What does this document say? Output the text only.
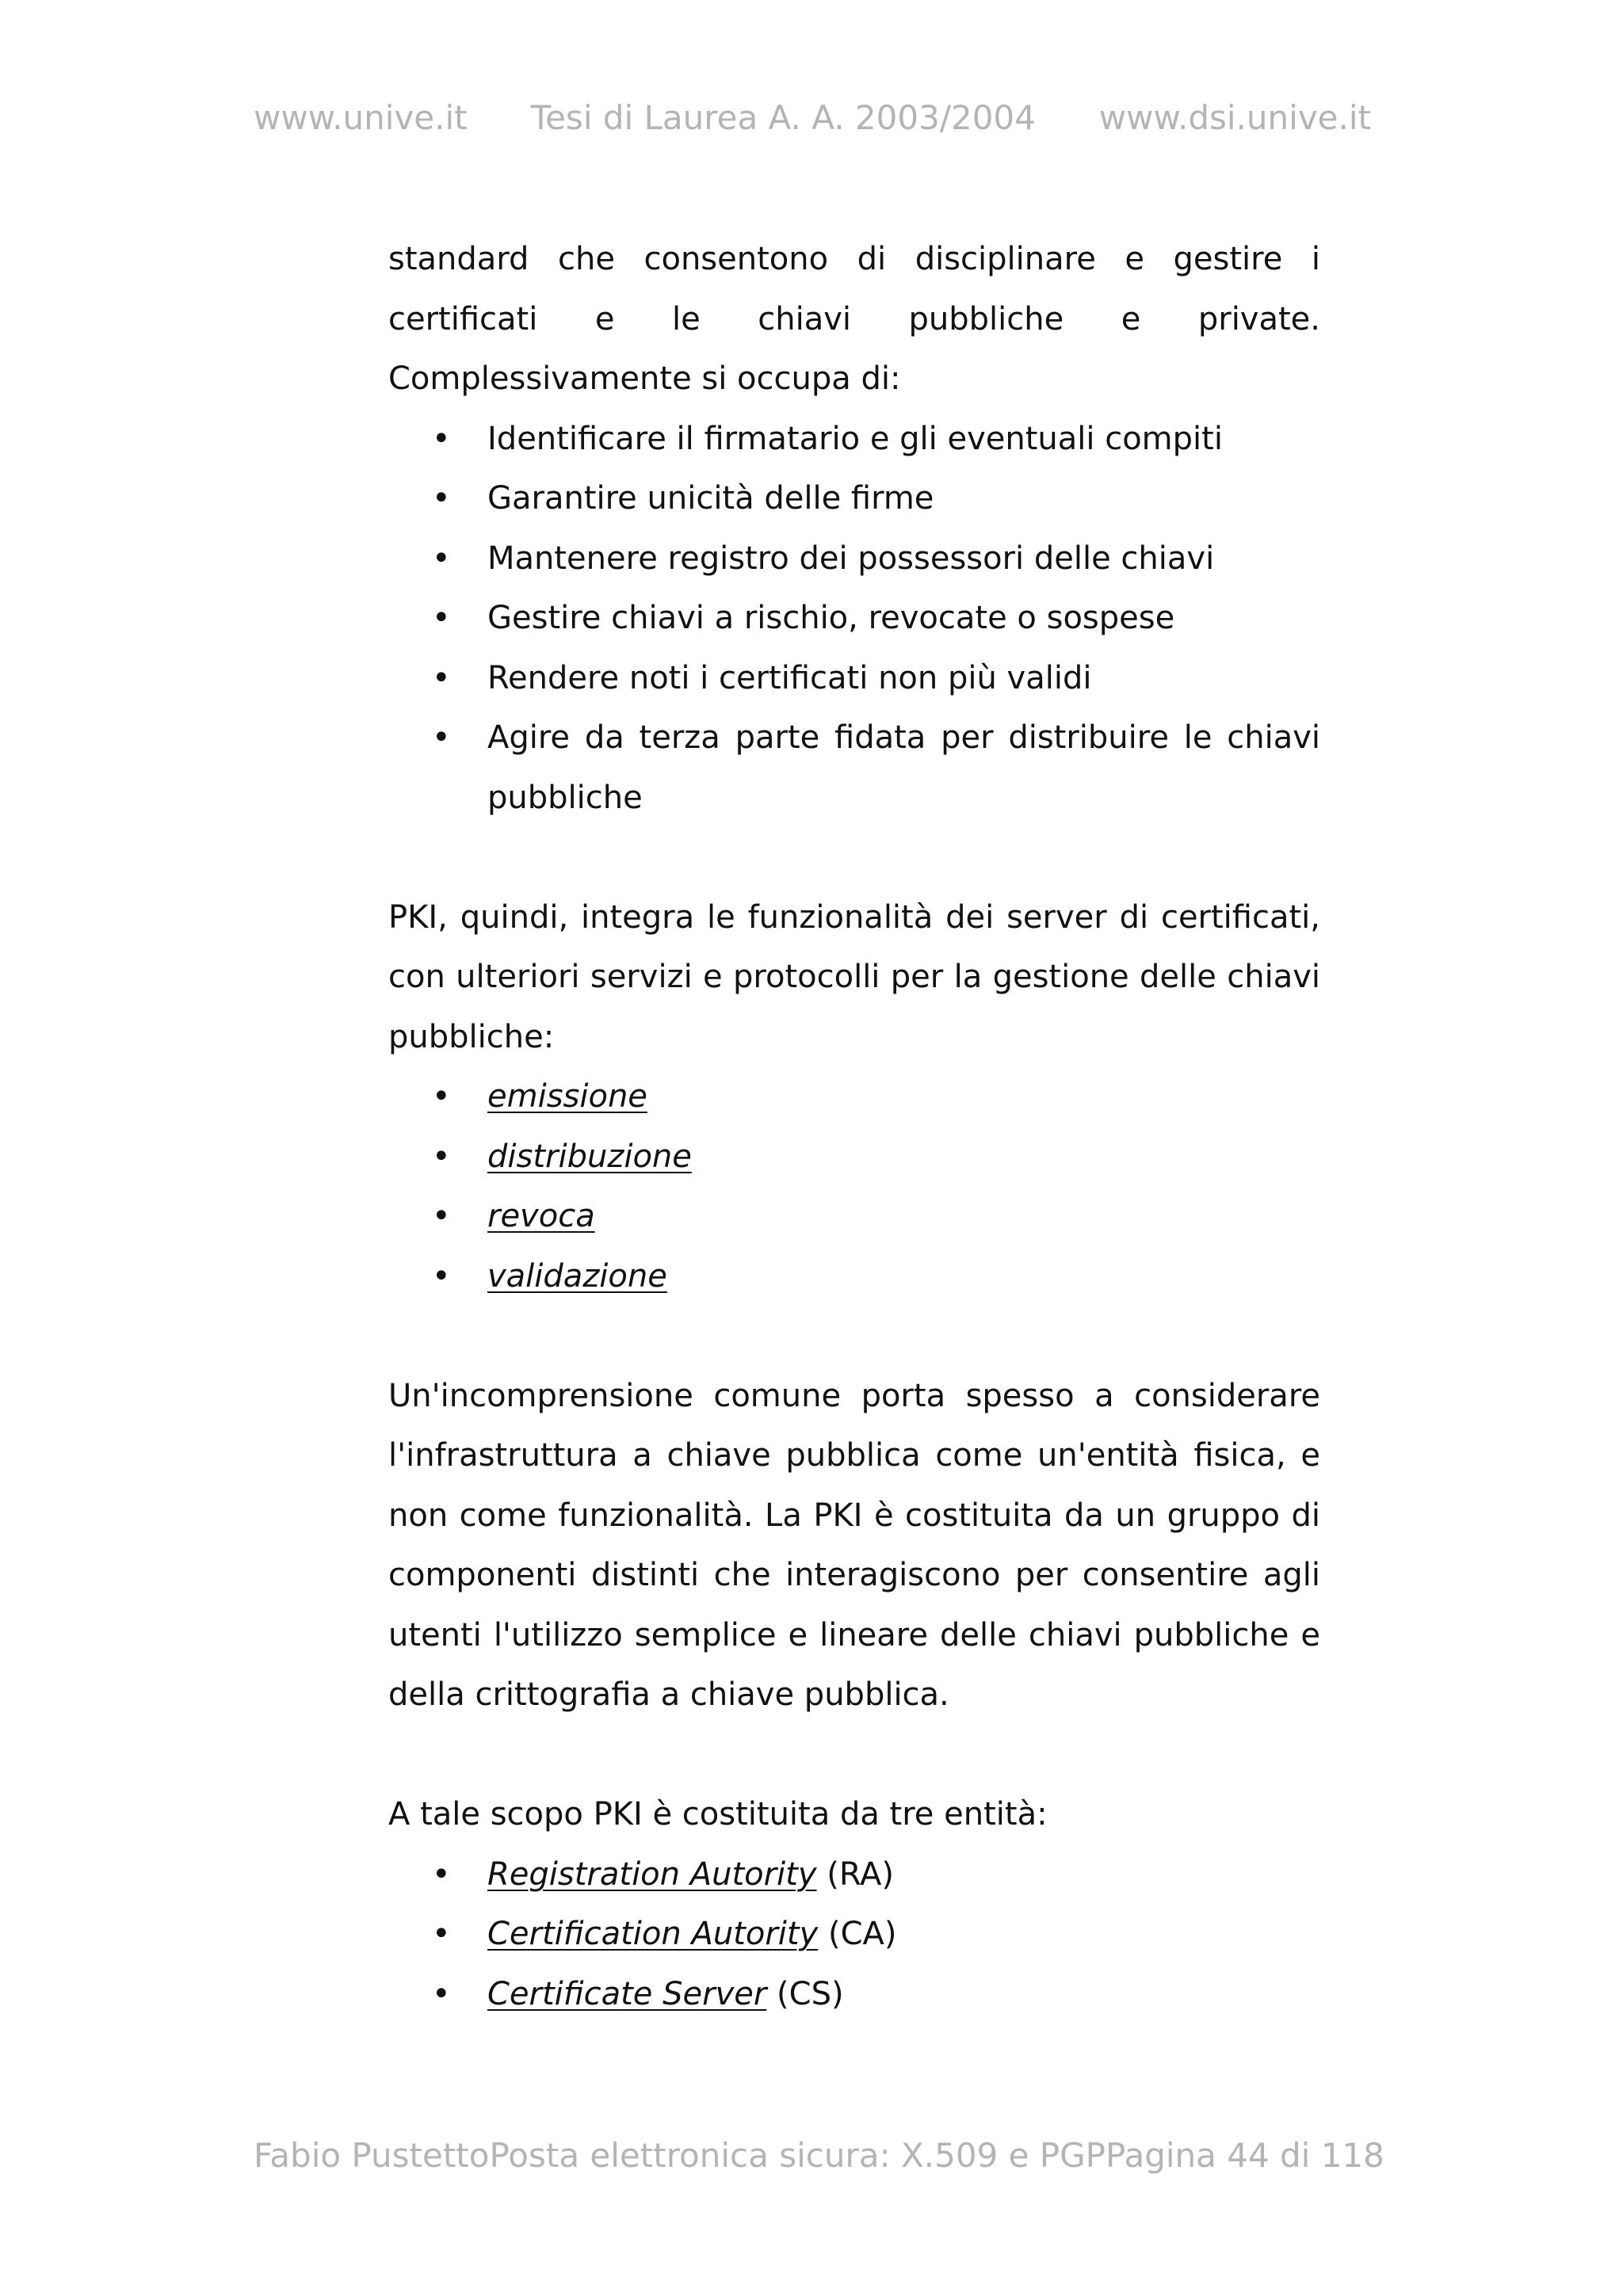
www.unive.it Tesi di Laurea A. A. 2003/2004 www.dsi.unive.it

standard che consentono di disciplinare e gestire i certificati e le chiavi pubbliche e private. Complessivamente si occupa di:

• Identificare il firmatario e gli eventuali compiti
• Garantire unicità delle firme
• Mantenere registro dei possessori delle chiavi
• Gestire chiavi a rischio, revocate o sospese
• Rendere noti i certificati non più validi
• Agire da terza parte fidata per distribuire le chiavi pubbliche

PKI, quindi, integra le funzionalità dei server di certificati, con ulteriori servizi e protocolli per la gestione delle chiavi pubbliche:

• emissione
• distribuzione
• revoca
• validazione

Un'incomprensione comune porta spesso a considerare l'infrastruttura a chiave pubblica come un'entità fisica, e non come funzionalità. La PKI è costituita da un gruppo di componenti distinti che interagiscono per consentire agli utenti l'utilizzo semplice e lineare delle chiavi pubbliche e della crittografia a chiave pubblica.

A tale scopo PKI è costituita da tre entità:

• Registration Autority (RA)
• Certification Autority (CA)
• Certificate Server (CS)
Fabio Pustetto Posta elettronica sicura: X.509 e PGP Pagina 44 di 118
